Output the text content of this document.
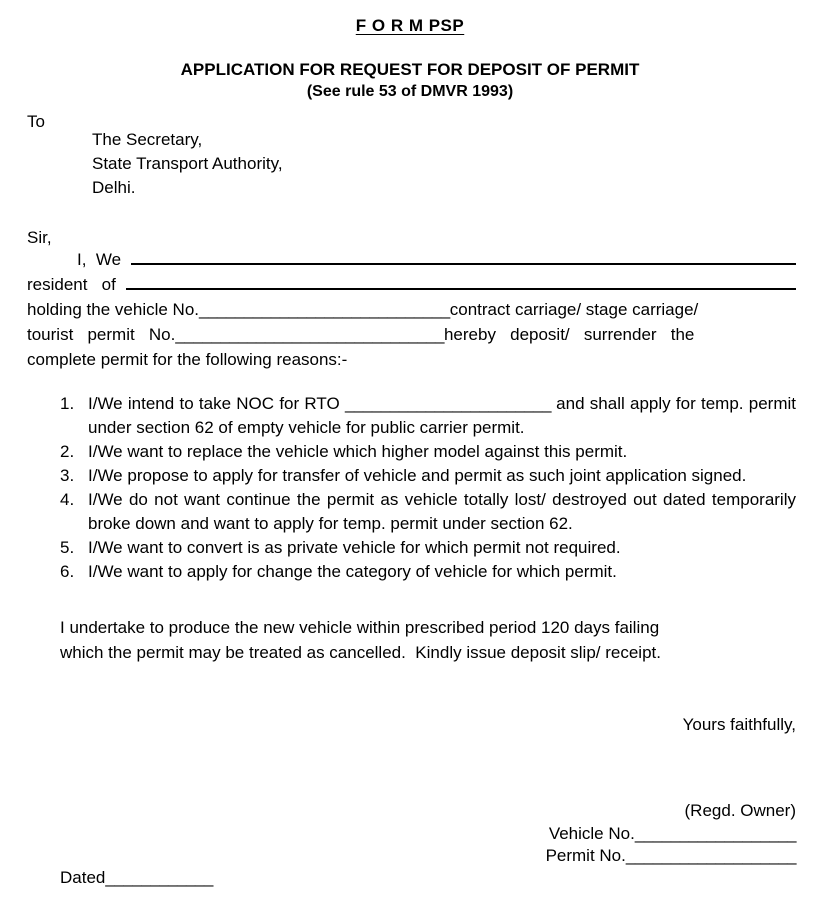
F O R M PSP
APPLICATION FOR REQUEST FOR DEPOSIT OF PERMIT
(See rule 53 of DMVR 1993)
To
The Secretary,
State Transport Authority,
Delhi.
Sir,
I,  We
resident   of
holding the vehicle No. ____________________________ contract carriage/ stage carriage/
tourist   permit   No. ______________________________ hereby   deposit/   surrender   the
complete permit for the following reasons:-
1. I/We intend to take NOC for RTO _______________________ and shall apply for temp. permit under section 62 of empty vehicle for public carrier permit.
2. I/We want to replace the vehicle which higher model against this permit.
3. I/We propose to apply for transfer of vehicle and permit as such joint application signed.
4. I/We do not want continue the permit as vehicle totally lost/ destroyed out dated temporarily broke down and want to apply for temp. permit under section 62.
5. I/We want to convert is as private vehicle for which permit not required.
6. I/We want to apply for change the category of vehicle for which permit.
I undertake to produce the new vehicle within prescribed period 120 days failing
which the permit may be treated as cancelled.  Kindly issue deposit slip/ receipt.
Yours faithfully,
(Regd. Owner)
Vehicle No.__________________
Permit No.___________________
Dated____________
